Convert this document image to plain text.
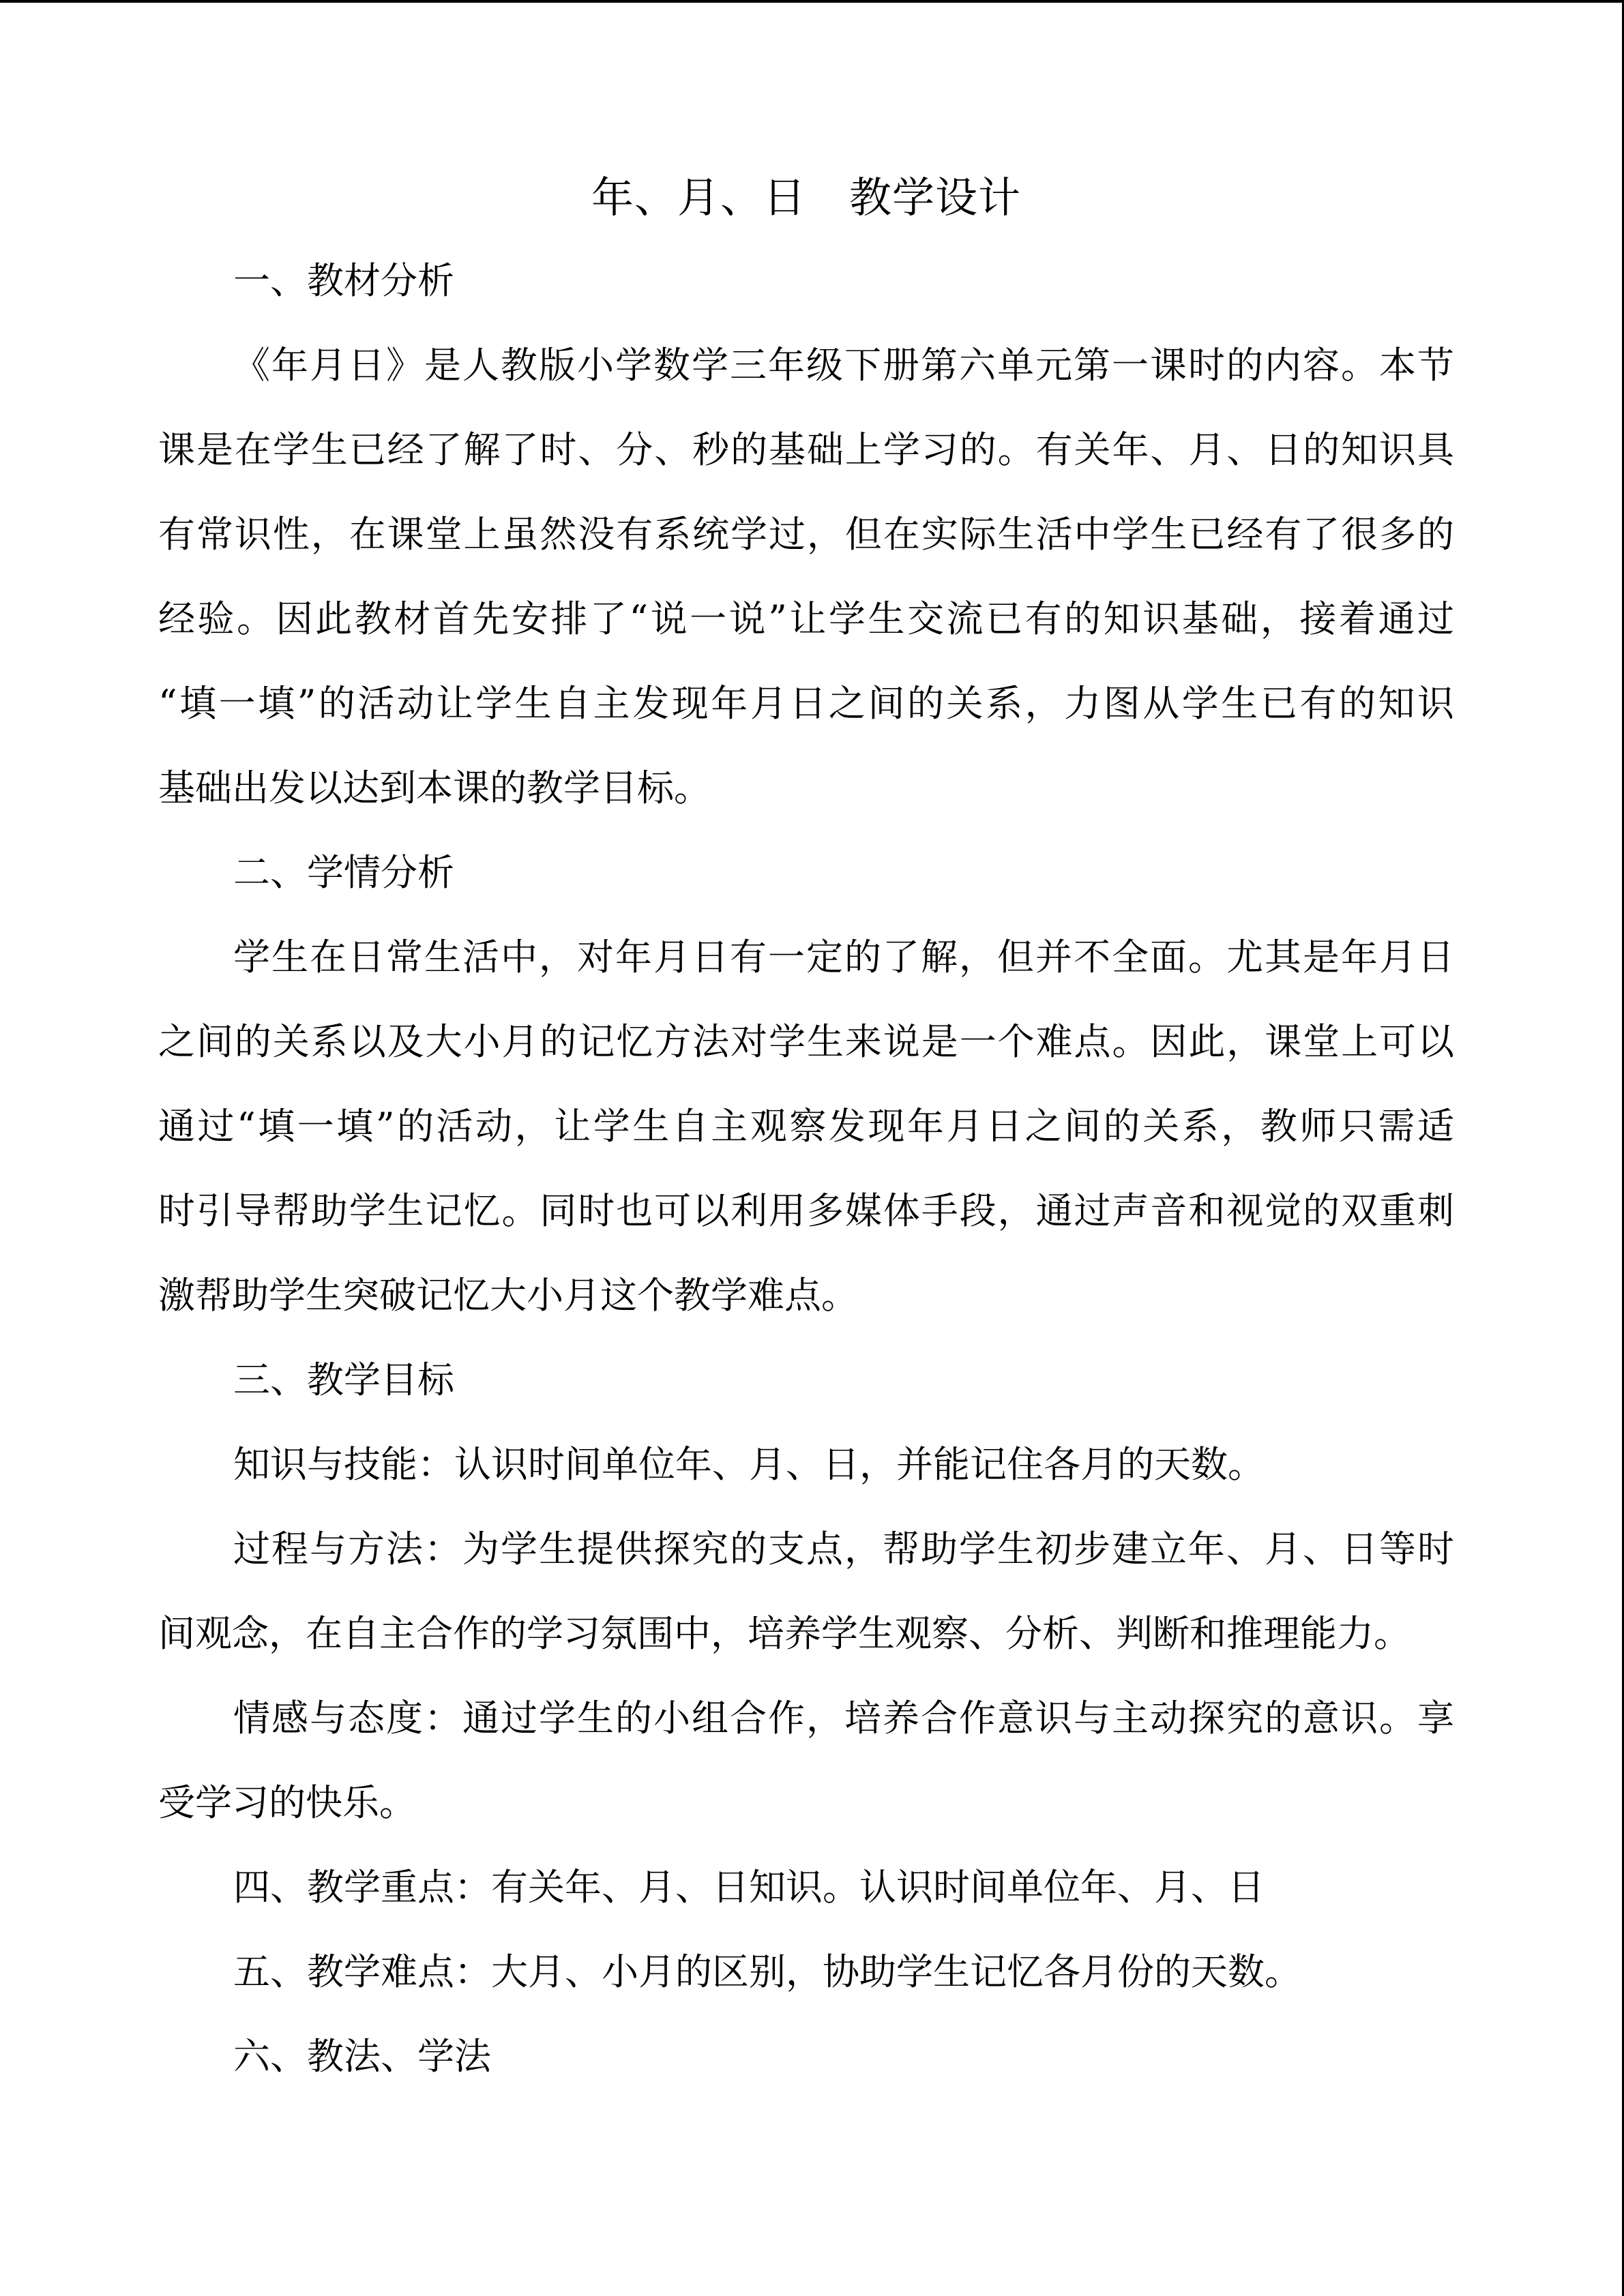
年、月、日　教学设计
一、教材分析
《年月日》是人教版小学数学三年级下册第六单元第一课时的内容。本节
课是在学生已经了解了时、分、秒的基础上学习的。有关年、月、日的知识具
有常识性，在课堂上虽然没有系统学过，但在实际生活中学生已经有了很多的
经验。因此教材首先安排了“说一说”让学生交流已有的知识基础，接着通过
“填一填”的活动让学生自主发现年月日之间的关系，力图从学生已有的知识
基础出发以达到本课的教学目标。
二、学情分析
学生在日常生活中，对年月日有一定的了解，但并不全面。尤其是年月日
之间的关系以及大小月的记忆方法对学生来说是一个难点。因此，课堂上可以
通过“填一填”的活动，让学生自主观察发现年月日之间的关系，教师只需适
时引导帮助学生记忆。同时也可以利用多媒体手段，通过声音和视觉的双重刺
激帮助学生突破记忆大小月这个教学难点。
三、教学目标
知识与技能：认识时间单位年、月、日，并能记住各月的天数。
过程与方法：为学生提供探究的支点，帮助学生初步建立年、月、日等时
间观念，在自主合作的学习氛围中，培养学生观察、分析、判断和推理能力。
情感与态度：通过学生的小组合作，培养合作意识与主动探究的意识。享
受学习的快乐。
四、教学重点：有关年、月、日知识。认识时间单位年、月、日
五、教学难点：大月、小月的区别，协助学生记忆各月份的天数。
六、教法、学法
